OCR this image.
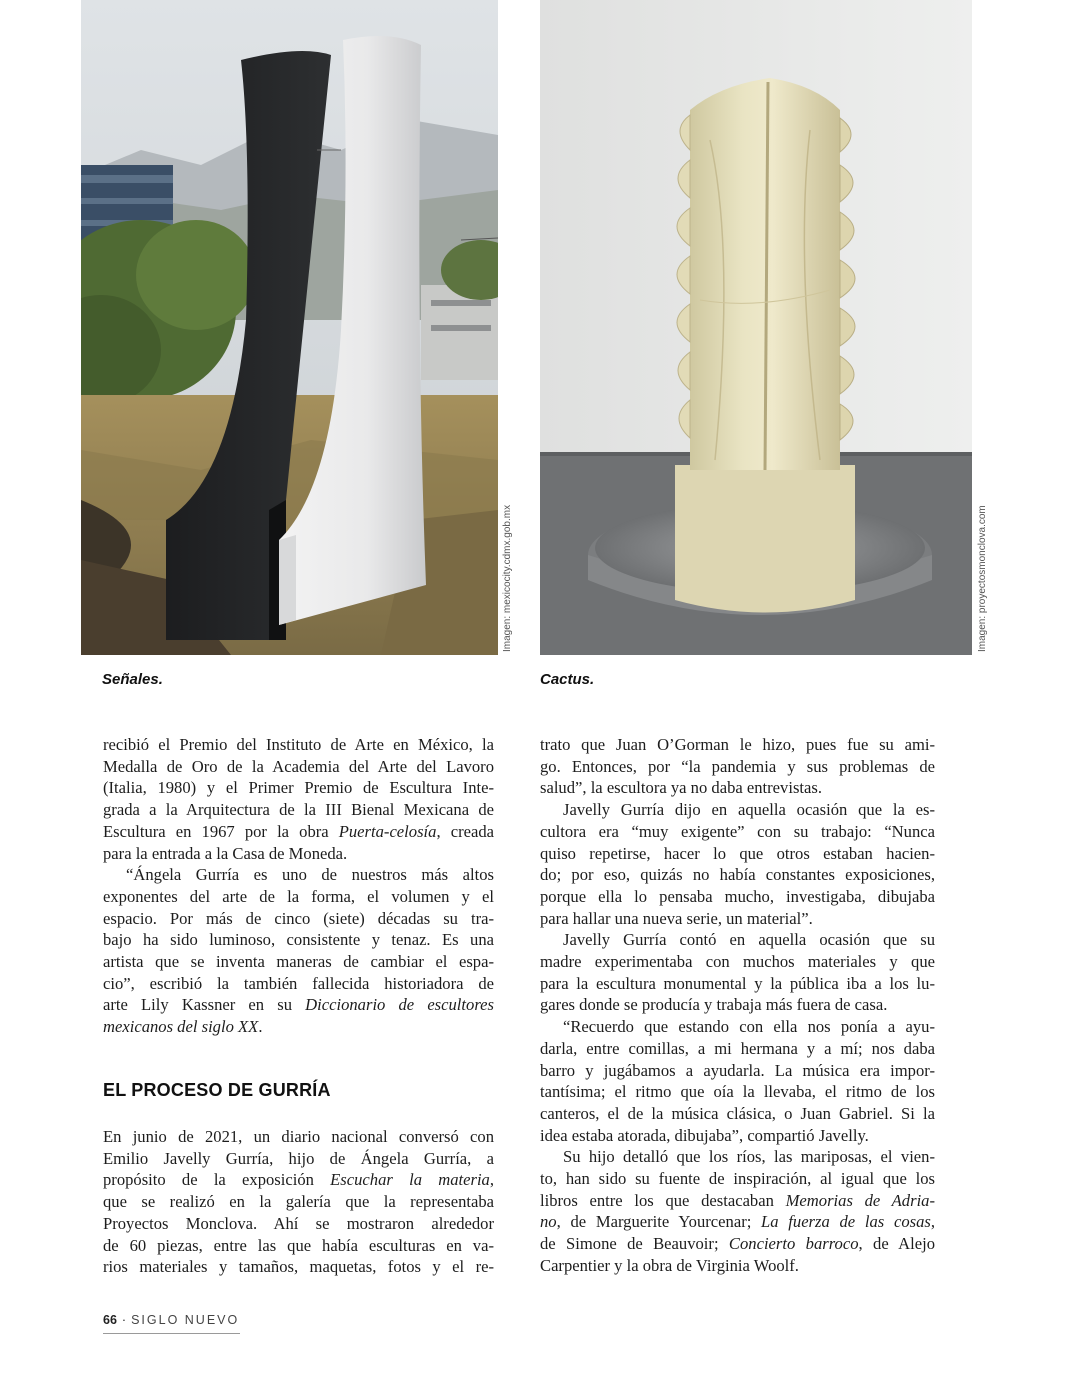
Imagen: mexicocity.cdmx.gob.mx
Señales.
Imagen: proyectosmonclova.com
Cactus.
recibió el Premio del Instituto de Arte en México, la
Medalla de Oro de la Academia del Arte del Lavoro
(Italia, 1980) y el Primer Premio de Escultura Inte-
grada a la Arquitectura de la III Bienal Mexicana de
Escultura en 1967 por la obra Puerta-celosía, creada
para la entrada a la Casa de Moneda.
“Ángela Gurría es uno de nuestros más altos
exponentes del arte de la forma, el volumen y el
espacio. Por más de cinco (siete) décadas su tra-
bajo ha sido luminoso, consistente y tenaz. Es una
artista que se inventa maneras de cambiar el espa-
cio”, escribió la también fallecida historiadora de
arte Lily Kassner en su Diccionario de escultores
mexicanos del siglo XX.
EL PROCESO DE GURRÍA
En junio de 2021, un diario nacional conversó con
Emilio Javelly Gurría, hijo de Ángela Gurría, a
propósito de la exposición Escuchar la materia,
que se realizó en la galería que la representaba
Proyectos Monclova. Ahí se mostraron alrededor
de 60 piezas, entre las que había esculturas en va-
rios materiales y tamaños, maquetas, fotos y el re-
trato que Juan O’Gorman le hizo, pues fue su ami-
go. Entonces, por “la pandemia y sus problemas de
salud”, la escultora ya no daba entrevistas.
Javelly Gurría dijo en aquella ocasión que la es-
cultora era “muy exigente” con su trabajo: “Nunca
quiso repetirse, hacer lo que otros estaban hacien-
do; por eso, quizás no había constantes exposiciones,
porque ella lo pensaba mucho, investigaba, dibujaba
para hallar una nueva serie, un material”.
Javelly Gurría contó en aquella ocasión que su
madre experimentaba con muchos materiales y que
para la escultura monumental y la pública iba a los lu-
gares donde se producía y trabaja más fuera de casa.
“Recuerdo que estando con ella nos ponía a ayu-
darla, entre comillas, a mi hermana y a mí; nos daba
barro y jugábamos a ayudarla. La música era impor-
tantísima; el ritmo que oía la llevaba, el ritmo de los
canteros, el de la música clásica, o Juan Gabriel. Si la
idea estaba atorada, dibujaba”, compartió Javelly.
Su hijo detalló que los ríos, las mariposas, el vien-
to, han sido su fuente de inspiración, al igual que los
libros entre los que destacaban Memorias de Adria-
no, de Marguerite Yourcenar; La fuerza de las cosas,
de Simone de Beauvoir; Concierto barroco, de Alejo
Carpentier y la obra de Virginia Woolf.
66 · SIGLO NUEVO
